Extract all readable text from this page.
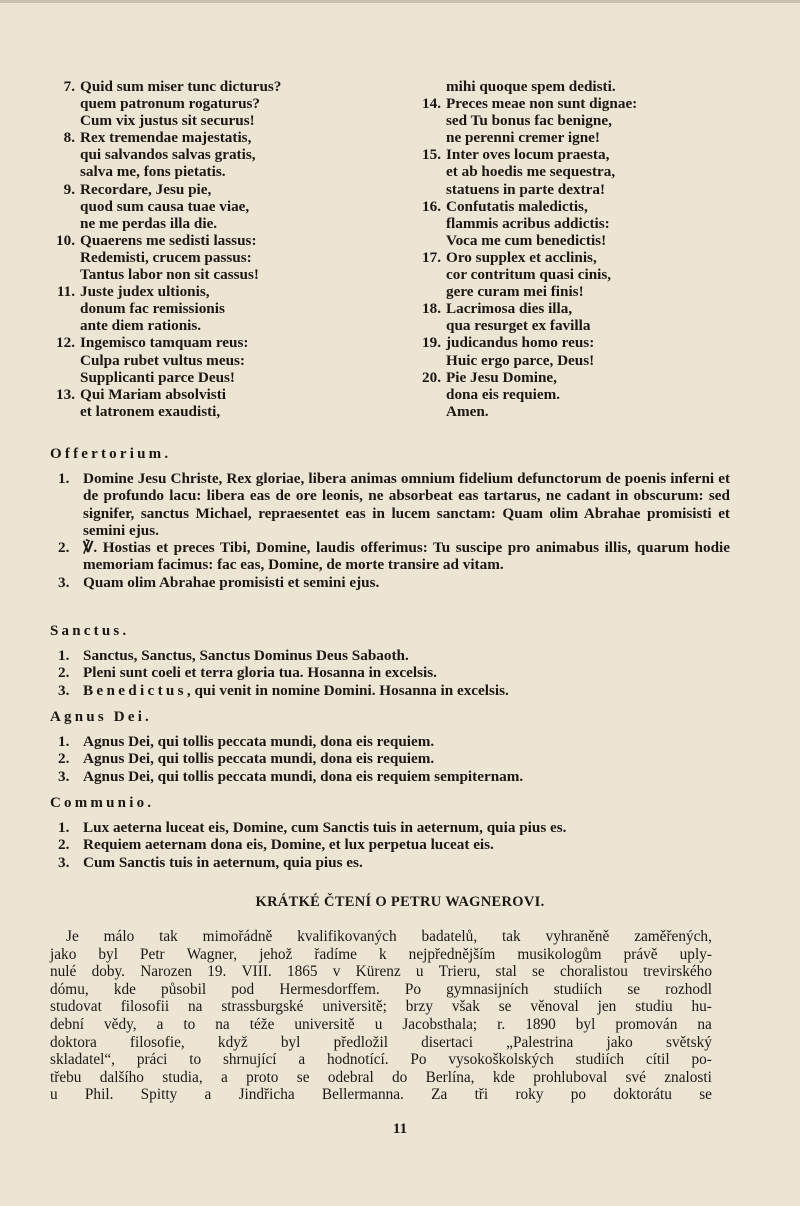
7. Quid sum miser tunc dicturus?
quem patronum rogaturus?
Cum vix justus sit securus!
8. Rex tremendae majestatis,
qui salvandos salvas gratis,
salva me, fons pietatis.
9. Recordare, Jesu pie,
quod sum causa tuae viae,
ne me perdas illa die.
10. Quaerens me sedisti lassus:
Redemisti, crucem passus:
Tantus labor non sit cassus!
11. Juste judex ultionis,
donum fac remissionis
ante diem rationis.
12. Ingemisco tamquam reus:
Culpa rubet vultus meus:
Supplicanti parce Deus!
13. Qui Mariam absolvisti
et latronem exaudisti,
mihi quoque spem dedisti.
14. Preces meae non sunt dignae:
sed Tu bonus fac benigne,
ne perenni cremer igne!
15. Inter oves locum praesta,
et ab hoedis me sequestra,
statuens in parte dextra!
16. Confutatis maledictis,
flammis acribus addictis:
Voca me cum benedictis!
17. Oro supplex et acclinis,
cor contritum quasi cinis,
gere curam mei finis!
18. Lacrimosa dies illa,
qua resurget ex favilla
19. judicandus homo reus:
Huic ergo parce, Deus!
20. Pie Jesu Domine,
dona eis requiem.
Amen.
Offertorium.
1. Domine Jesu Christe, Rex gloriae, libera animas omnium fidelium defunctorum de poenis inferni et de profundo lacu: libera eas de ore leonis, ne absorbeat eas tartarus, ne cadant in obscurum: sed signifer, sanctus Michael, repraesentet eas in lucem sanctam: Quam olim Abrahae promisisti et semini ejus.
2. ℣. Hostias et preces Tibi, Domine, laudis offerimus: Tu suscipe pro animabus illis, quarum hodie memoriam facimus: fac eas, Domine, de morte transire ad vitam.
3. Quam olim Abrahae promisisti et semini ejus.
Sanctus.
1. Sanctus, Sanctus, Sanctus Dominus Deus Sabaoth.
2. Pleni sunt coeli et terra gloria tua. Hosanna in excelsis.
3. Benedictus, qui venit in nomine Domini. Hosanna in excelsis.
Agnus Dei.
1. Agnus Dei, qui tollis peccata mundi, dona eis requiem.
2. Agnus Dei, qui tollis peccata mundi, dona eis requiem.
3. Agnus Dei, qui tollis peccata mundi, dona eis requiem sempiternam.
Communio.
1. Lux aeterna luceat eis, Domine, cum Sanctis tuis in aeternum, quia pius es.
2. Requiem aeternam dona eis, Domine, et lux perpetua luceat eis.
3. Cum Sanctis tuis in aeternum, quia pius es.
KRÁTKÉ ČTENÍ O PETRU WAGNEROVI.
Je málo tak mimořádně kvalifikovaných badatelů, tak vyhraněně zaměřených,
jako byl Petr Wagner, jehož řadíme k nejpřednějším musikologům právě uply-
nulé doby. Narozen 19. VIII. 1865 v Kürenz u Trieru, stal se choralistou trevirského
dómu, kde působil pod Hermesdorffem. Po gymnasijních studiích se rozhodl
studovat filosofii na strassburgské universitě; brzy však se věnoval jen studiu hu-
dební vědy, a to na téže universitě u Jacobsthala; r. 1890 byl promován na
doktora filosofie, když byl předložil disertaci „Palestrina jako světský
skladatel“, práci to shrnující a hodnotící. Po vysokoškolských studiích cítil po-
třebu dalšího studia, a proto se odebral do Berlína, kde prohluboval své znalosti
u Phil. Spitty a Jindřicha Bellermanna. Za tři roky po doktorátu se
11
